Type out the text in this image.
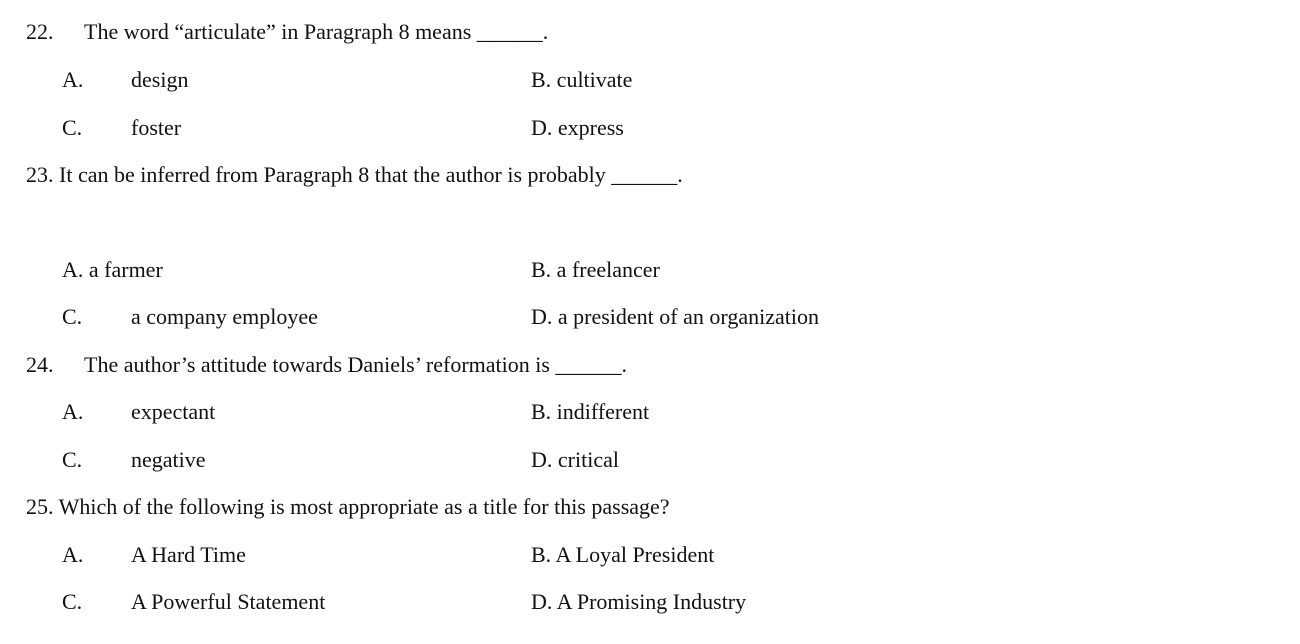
22. The word “articulate” in Paragraph 8 means ______.
A. design	B. cultivate
C. foster	D. express
23. It can be inferred from Paragraph 8 that the author is probably ______.
A. a farmer	B. a freelancer
C. a company employee	D. a president of an organization
24. The author’s attitude towards Daniels’ reformation is ______.
A. expectant	B. indifferent
C. negative	D. critical
25. Which of the following is most appropriate as a title for this passage?
A. A Hard Time	B. A Loyal President
C. A Powerful Statement	D. A Promising Industry
